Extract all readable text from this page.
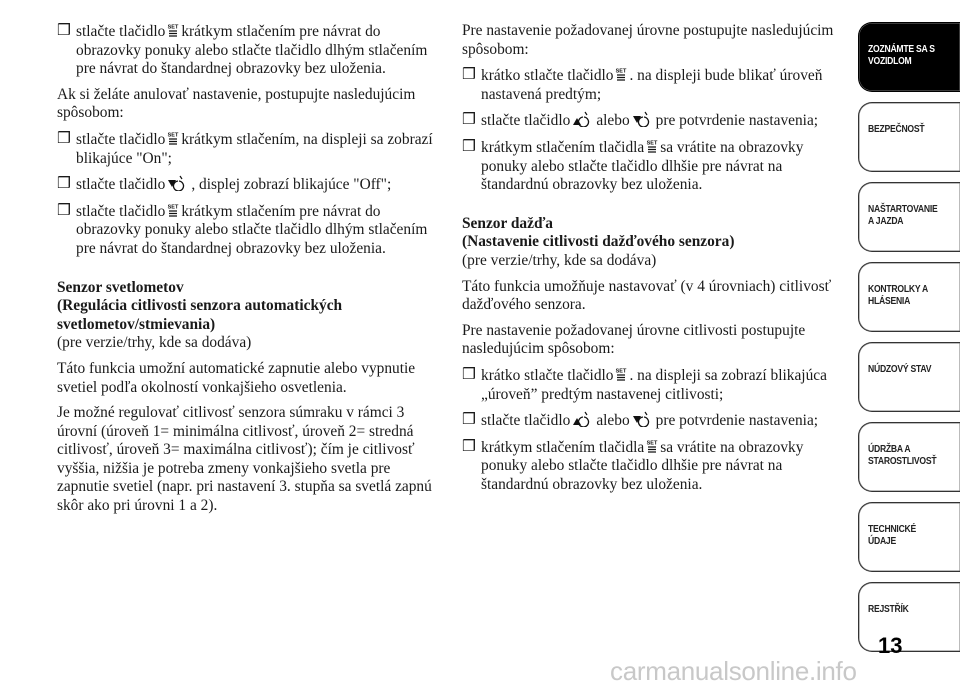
❒ stlačte tlačidlo krátkym stlačením pre návrat do obrazovky ponuky alebo stlačte tlačidlo dlhým stlačením pre návrat do štandardnej obrazovky bez uloženia.

Ak si želáte anulovať nastavenie, postupujte nasledujúcim spôsobom:

❒ stlačte tlačidlo krátkym stlačením, na displeji sa zobrazí blikajúce "On";
❒ stlačte tlačidlo , displej zobrazí blikajúce "Off";
❒ stlačte tlačidlo krátkym stlačením pre návrat do obrazovky ponuky alebo stlačte tlačidlo dlhým stlačením pre návrat do štandardnej obrazovky bez uloženia.
Senzor svetlometov
(Regulácia citlivosti senzora automatických svetlometov/stmievania)

(pre verzie/trhy, kde sa dodáva)

Táto funkcia umožní automatické zapnutie alebo vypnutie svetiel podľa okolností vonkajšieho osvetlenia.

Je možné regulovať citlivosť senzora súmraku v rámci 3 úrovní (úroveň 1= minimálna citlivosť, úroveň 2= stredná citlivosť, úroveň 3= maximálna citlivosť); čím je citlivosť vyššia, nižšia je potreba zmeny vonkajšieho svetla pre zapnutie svetiel (napr. pri nastavení 3. stupňa sa svetlá zapnú skôr ako pri úrovni 1 a 2).

Pre nastavenie požadovanej úrovne postupujte nasledujúcim spôsobom:

❒ krátko stlačte tlačidlo . na displeji bude blikať úroveň nastavená predtým;
❒ stlačte tlačidlo alebo pre potvrdenie nastavenia;
❒ krátkym stlačením tlačidla sa vrátite na obrazovky ponuky alebo stlačte tlačidlo dlhšie pre návrat na štandardnú obrazovky bez uloženia.
Senzor dažďa
(Nastavenie citlivosti dažďového senzora)

(pre verzie/trhy, kde sa dodáva)

Táto funkcia umožňuje nastavovať (v 4 úrovniach) citlivosť dažďového senzora.

Pre nastavenie požadovanej úrovne citlivosti postupujte nasledujúcim spôsobom:

❒ krátko stlačte tlačidlo . na displeji sa zobrazí blikajúca „úroveň” predtým nastavenej citlivosti;
❒ stlačte tlačidlo alebo pre potvrdenie nastavenia;
❒ krátkym stlačením tlačidla sa vrátite na obrazovky ponuky alebo stlačte tlačidlo dlhšie pre návrat na štandardnú obrazovky bez uloženia.
ZOZNÁMTE SA S
VOZIDLOM
BEZPEČNOSŤ
NAŠTARTOVANIE
A JAZDA
KONTROLKY A
HLÁSENIA
NÚDZOVÝ STAV
ÚDRŽBA A
STAROSTLIVOSŤ
TECHNICKÉ
ÚDAJE
REJSTŘÍK
13
carmanualsonline.info
